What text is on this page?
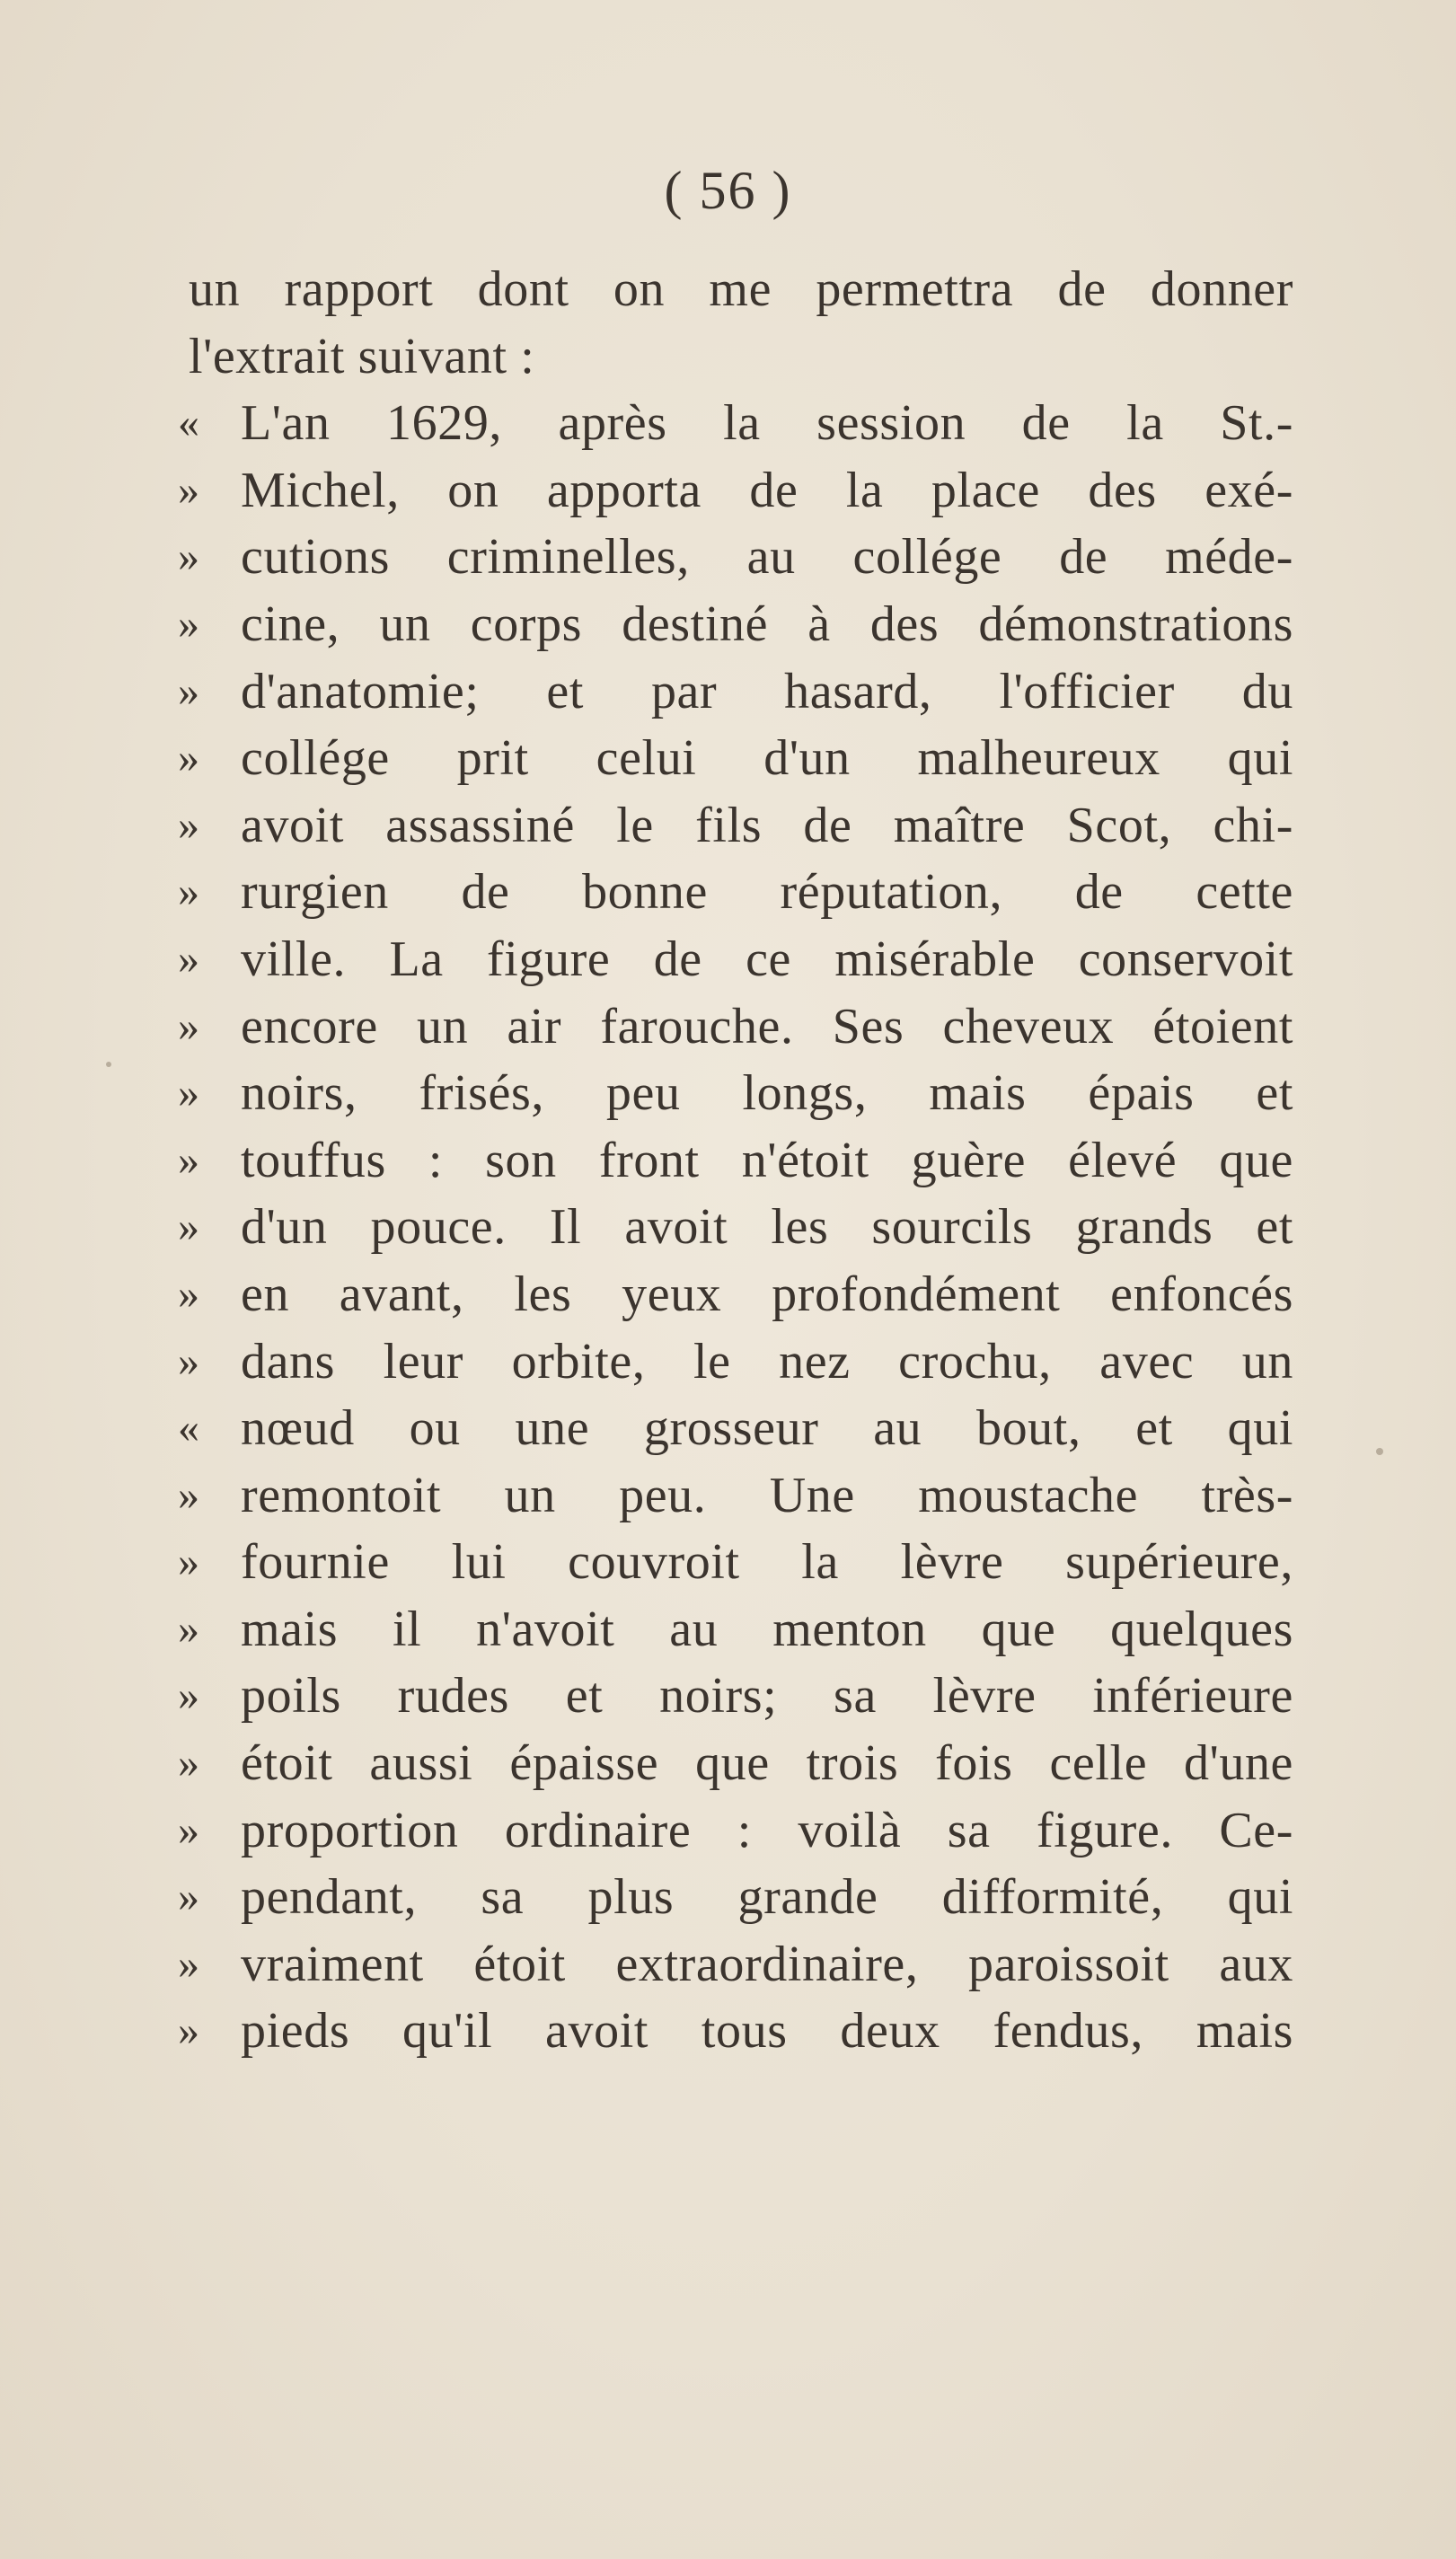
( 56 )
un rapport dont on me permettra de donner
l'extrait suivant :
« L'an 1629, après la session de la St.-
» Michel, on apporta de la place des exé-
» cutions criminelles, au collége de méde-
» cine, un corps destiné à des démonstrations
» d'anatomie; et par hasard, l'officier du
» collége prit celui d'un malheureux qui
» avoit assassiné le fils de maître Scot, chi-
» rurgien de bonne réputation, de cette
» ville. La figure de ce misérable conservoit
» encore un air farouche. Ses cheveux étoient
» noirs, frisés, peu longs, mais épais et
» touffus : son front n'étoit guère élevé que
» d'un pouce. Il avoit les sourcils grands et
» en avant, les yeux profondément enfoncés
» dans leur orbite, le nez crochu, avec un
« nœud ou une grosseur au bout, et qui
» remontoit un peu. Une moustache très-
» fournie lui couvroit la lèvre supérieure,
» mais il n'avoit au menton que quelques
» poils rudes et noirs; sa lèvre inférieure
» étoit aussi épaisse que trois fois celle d'une
» proportion ordinaire : voilà sa figure. Ce-
» pendant, sa plus grande difformité, qui
» vraiment étoit extraordinaire, paroissoit aux
» pieds qu'il avoit tous deux fendus, mais
